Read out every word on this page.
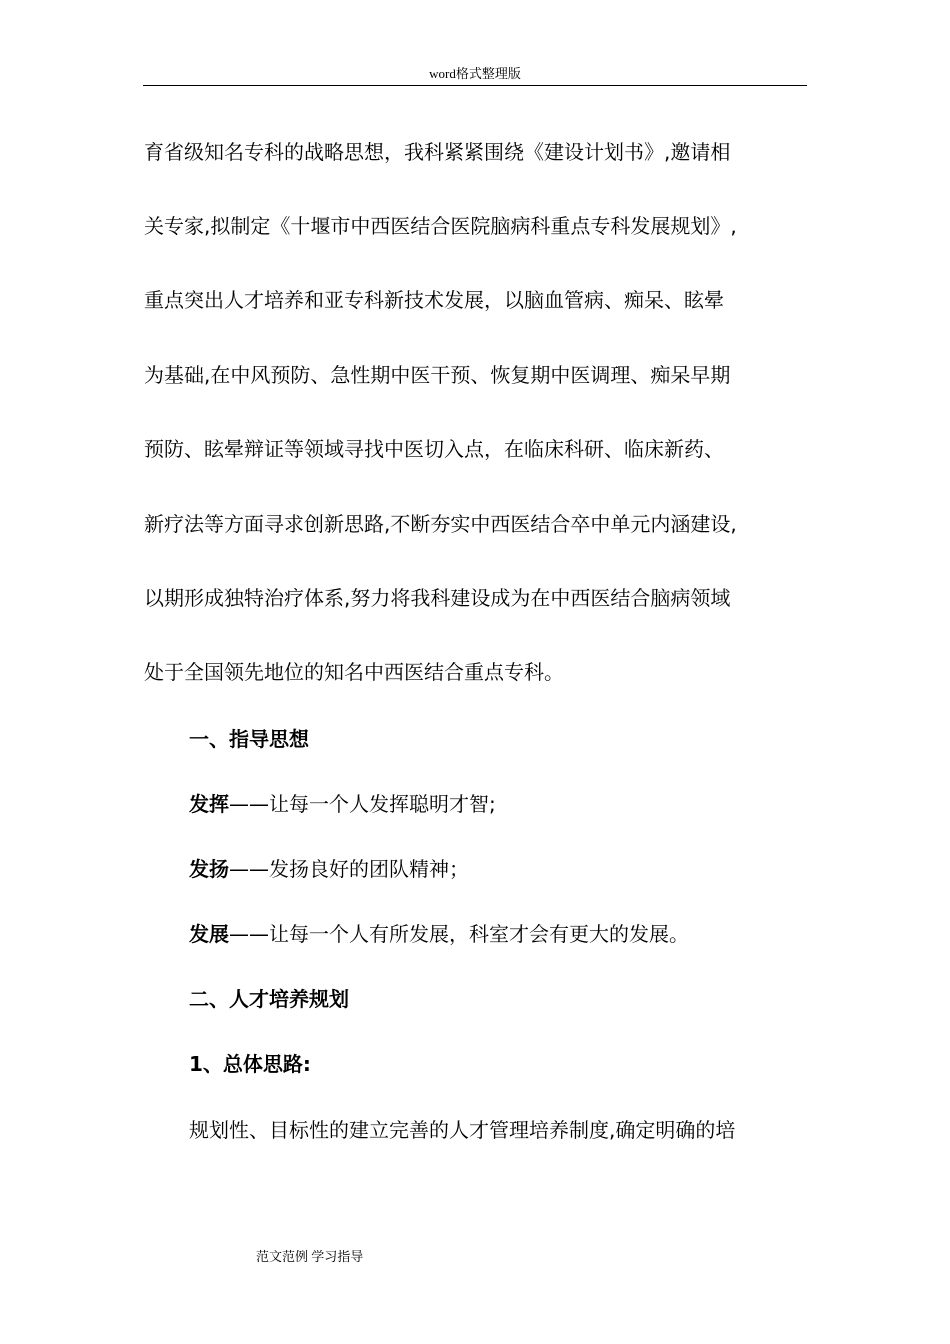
word格式整理版
育省级知名专科的战略思想，我科紧紧围绕《建设计划书》,邀请相
关专家,拟制定《十堰市中西医结合医院脑病科重点专科发展规划》,
重点突出人才培养和亚专科新技术发展，以脑血管病、痴呆、眩晕
为基础,在中风预防、急性期中医干预、恢复期中医调理、痴呆早期
预防、眩晕辩证等领域寻找中医切入点，在临床科研、临床新药、
新疗法等方面寻求创新思路,不断夯实中西医结合卒中单元内涵建设,
以期形成独特治疗体系,努力将我科建设成为在中西医结合脑病领域
处于全国领先地位的知名中西医结合重点专科。
一、指导思想
发挥——让每一个人发挥聪明才智;
发扬——发扬良好的团队精神；
发展——让每一个人有所发展，科室才会有更大的发展。
二、人才培养规划
1、总体思路:
规划性、目标性的建立完善的人才管理培养制度,确定明确的培
范文范例 学习指导
